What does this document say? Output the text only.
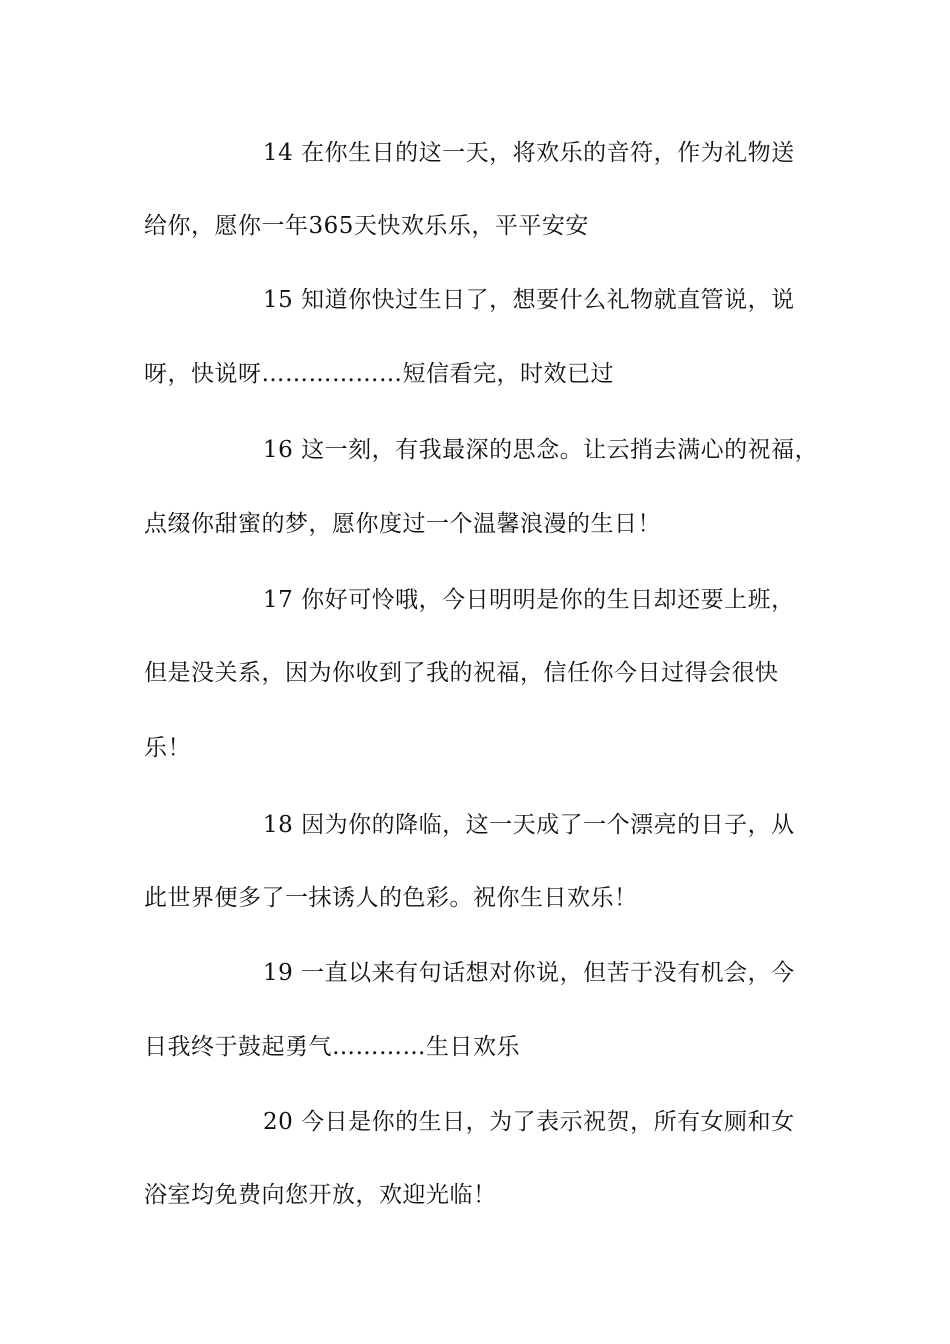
14 在你生日的这一天，将欢乐的音符，作为礼物送
给你，愿你一年365天快欢乐乐，平平安安
15 知道你快过生日了，想要什么礼物就直管说，说
呀，快说呀………………短信看完，时效已过
16 这一刻，有我最深的思念。让云捎去满心的祝福，
点缀你甜蜜的梦，愿你度过一个温馨浪漫的生日！
17 你好可怜哦，今日明明是你的生日却还要上班，
但是没关系，因为你收到了我的祝福，信任你今日过得会很快
乐！
18 因为你的降临，这一天成了一个漂亮的日子，从
此世界便多了一抹诱人的色彩。祝你生日欢乐！
19 一直以来有句话想对你说，但苦于没有机会，今
日我终于鼓起勇气…………生日欢乐
20 今日是你的生日，为了表示祝贺，所有女厕和女
浴室均免费向您开放，欢迎光临！
